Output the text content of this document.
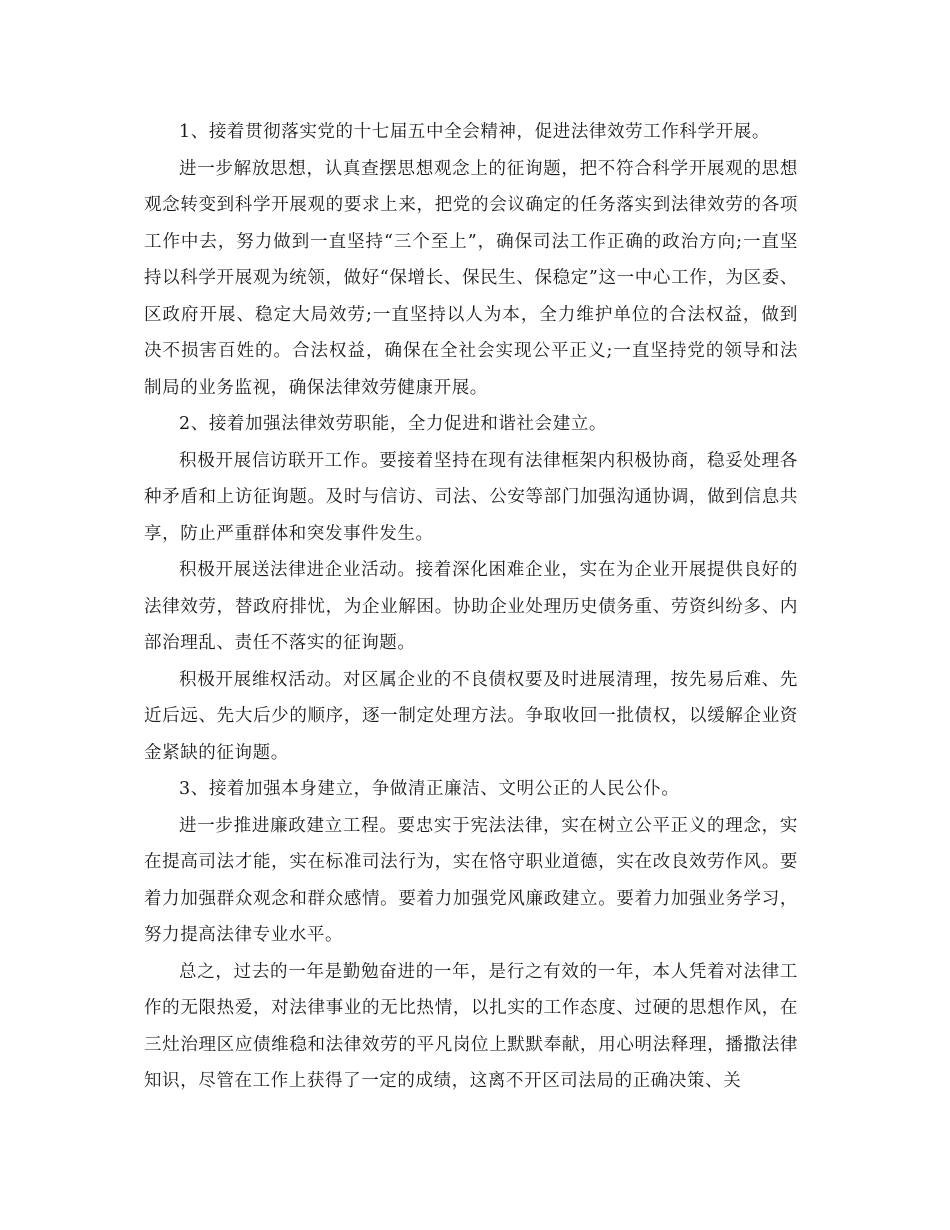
1、接着贯彻落实党的十七届五中全会精神，促进法律效劳工作科学开展。

进一步解放思想，认真查摆思想观念上的征询题，把不符合科学开展观的思想观念转变到科学开展观的要求上来，把党的会议确定的任务落实到法律效劳的各项工作中去，努力做到一直坚持“三个至上”，确保司法工作正确的政治方向;一直坚持以科学开展观为统领，做好“保增长、保民生、保稳定”这一中心工作，为区委、区政府开展、稳定大局效劳;一直坚持以人为本，全力维护单位的合法权益，做到决不损害百姓的。合法权益，确保在全社会实现公平正义;一直坚持党的领导和法制局的业务监视，确保法律效劳健康开展。

2、接着加强法律效劳职能，全力促进和谐社会建立。

积极开展信访联开工作。要接着坚持在现有法律框架内积极协商，稳妥处理各种矛盾和上访征询题。及时与信访、司法、公安等部门加强沟通协调，做到信息共享，防止严重群体和突发事件发生。

积极开展送法律进企业活动。接着深化困难企业，实在为企业开展提供良好的法律效劳，替政府排忧，为企业解困。协助企业处理历史债务重、劳资纠纷多、内部治理乱、责任不落实的征询题。

积极开展维权活动。对区属企业的不良债权要及时进展清理，按先易后难、先近后远、先大后少的顺序，逐一制定处理方法。争取收回一批债权，以缓解企业资金紧缺的征询题。

3、接着加强本身建立，争做清正廉洁、文明公正的人民公仆。

进一步推进廉政建立工程。要忠实于宪法法律，实在树立公平正义的理念，实在提高司法才能，实在标准司法行为，实在恪守职业道德，实在改良效劳作风。要着力加强群众观念和群众感情。要着力加强党风廉政建立。要着力加强业务学习，努力提高法律专业水平。

总之，过去的一年是勤勉奋进的一年，是行之有效的一年，本人凭着对法律工作的无限热爱，对法律事业的无比热情，以扎实的工作态度、过硬的思想作风，在三灶治理区应债维稳和法律效劳的平凡岗位上默默奉献，用心明法释理，播撒法律知识，尽管在工作上获得了一定的成绩，这离不开区司法局的正确决策、关
